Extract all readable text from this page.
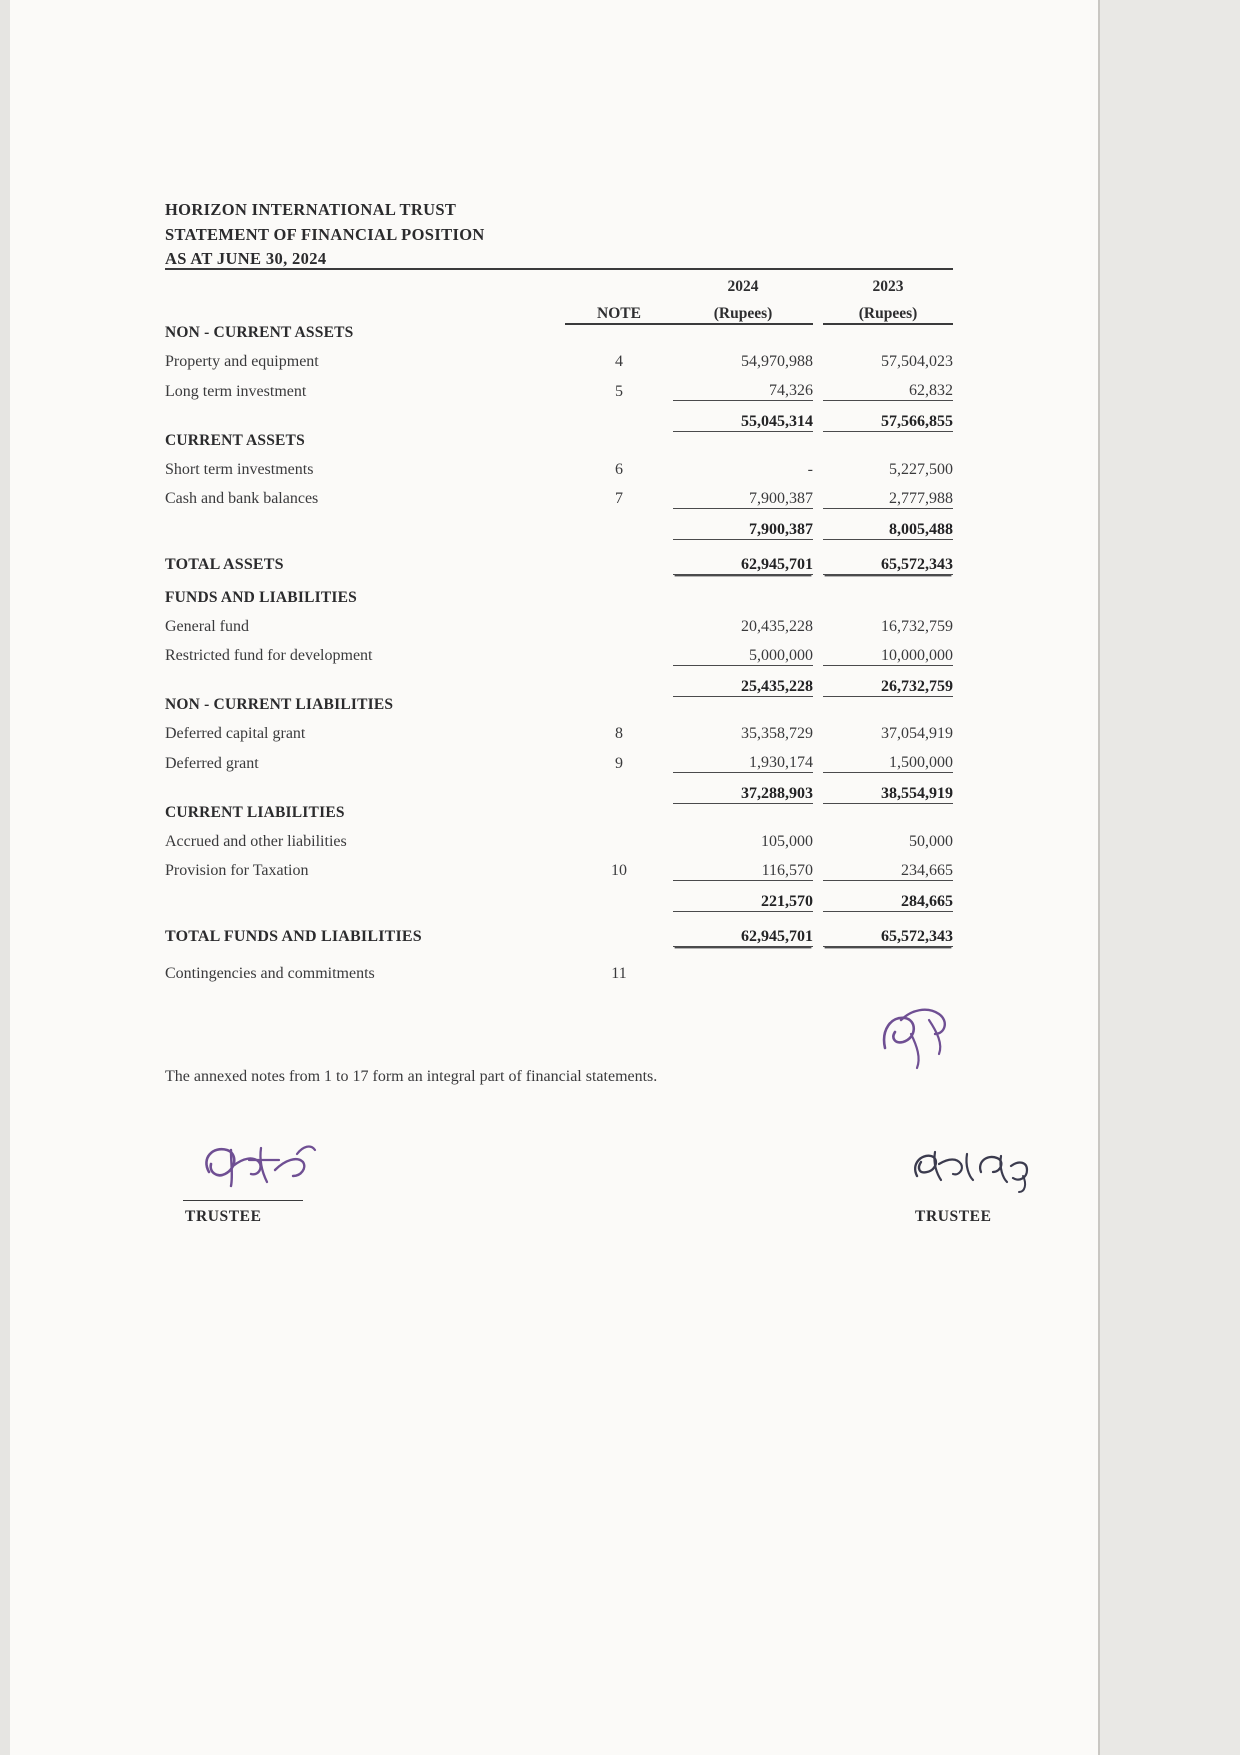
HORIZON INTERNATIONAL TRUST
STATEMENT OF FINANCIAL POSITION
AS AT JUNE 30, 2024

		2024		2023
	NOTE	(Rupees)		(Rupees)
NON - CURRENT ASSETS				
Property and equipment	4	54,970,988		57,504,023
Long term investment	5	74,326		62,832
		55,045,314		57,566,855
CURRENT ASSETS				
Short term investments	6	-		5,227,500
Cash and bank balances	7	7,900,387		2,777,988
		7,900,387		8,005,488
TOTAL ASSETS		62,945,701		65,572,343

FUNDS AND LIABILITIES				
General fund		20,435,228		16,732,759
Restricted fund for development		5,000,000		10,000,000
		25,435,228		26,732,759
NON - CURRENT LIABILITIES				
Deferred capital grant	8	35,358,729		37,054,919
Deferred grant	9	1,930,174		1,500,000
		37,288,903		38,554,919
CURRENT LIABILITIES				
Accrued and other liabilities		105,000		50,000
Provision for Taxation	10	116,570		234,665
		221,570		284,665
TOTAL FUNDS AND LIABILITIES		62,945,701		65,572,343

Contingencies and commitments	11			
The annexed notes from 1 to 17 form an integral part of financial statements.
TRUSTEE	TRUSTEE
